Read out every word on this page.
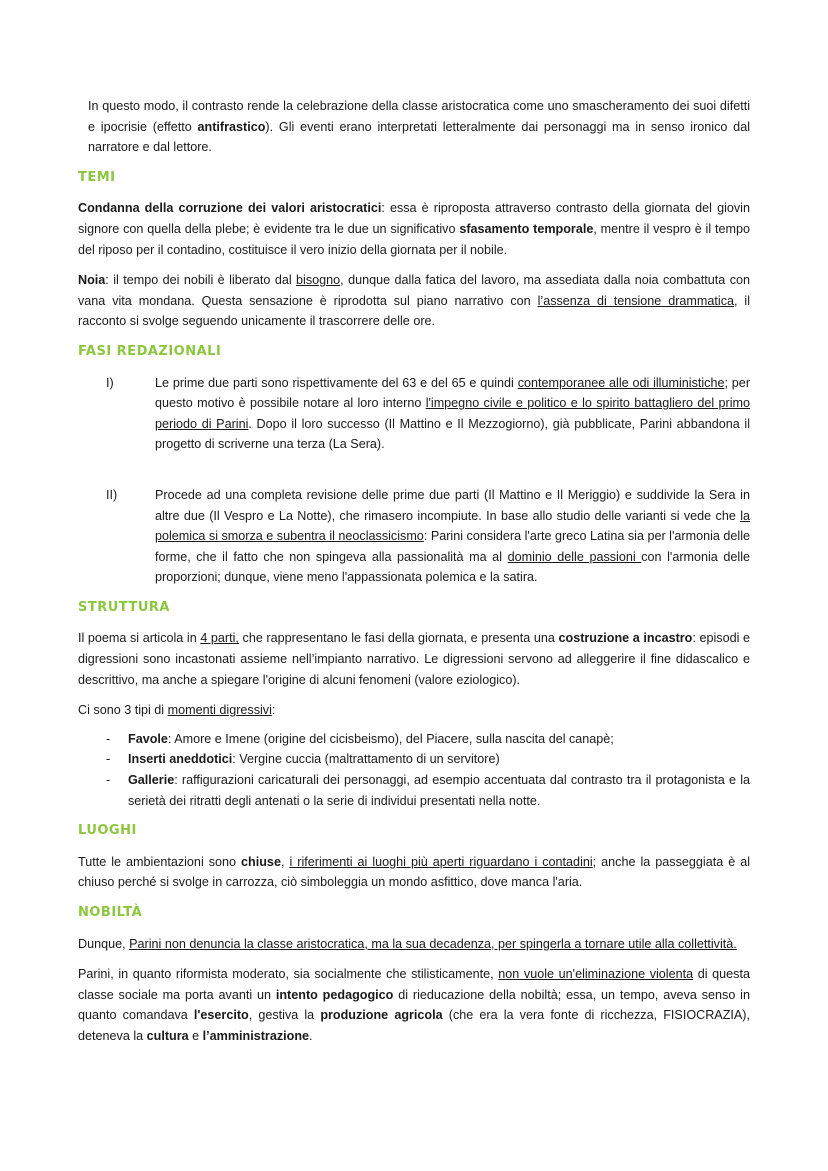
In questo modo, il contrasto rende la celebrazione della classe aristocratica come uno smascheramento dei suoi difetti e ipocrisie (effetto antifrastico). Gli eventi erano interpretati letteralmente dai personaggi ma in senso ironico dal narratore e dal lettore.

TEMI

Condanna della corruzione dei valori aristocratici: essa è riproposta attraverso contrasto della giornata del giovin signore con quella della plebe; è evidente tra le due un significativo sfasamento temporale, mentre il vespro è il tempo del riposo per il contadino, costituisce il vero inizio della giornata per il nobile.

Noia: il tempo dei nobili è liberato dal bisogno, dunque dalla fatica del lavoro, ma assediata dalla noia combattuta con vana vita mondana. Questa sensazione è riprodotta sul piano narrativo con l’assenza di tensione drammatica, il racconto si svolge seguendo unicamente il trascorrere delle ore.

FASI REDAZIONALI
I)	Le prime due parti sono rispettivamente del 63 e del 65 e quindi contemporanee alle odi illuministiche; per questo motivo è possibile notare al loro interno l'impegno civile e politico e lo spirito battagliero del primo periodo di Parini. Dopo il loro successo (Il Mattino e Il Mezzogiorno), già pubblicate, Parini abbandona il progetto di scriverne una terza (La Sera).
II)	Procede ad una completa revisione delle prime due parti (Il Mattino e Il Meriggio) e suddivide la Sera in altre due (Il Vespro e La Notte), che rimasero incompiute. In base allo studio delle varianti si vede che la polemica si smorza e subentra il neoclassicismo: Parini considera l'arte greco Latina sia per l'armonia delle forme, che il fatto che non spingeva alla passionalità ma al dominio delle passioni con l'armonia delle proporzioni; dunque, viene meno l'appassionata polemica e la satira.
STRUTTURA

Il poema si articola in 4 parti, che rappresentano le fasi della giornata, e presenta una costruzione a incastro: episodi e digressioni sono incastonati assieme nell’impianto narrativo. Le digressioni servono ad alleggerire il fine didascalico e descrittivo, ma anche a spiegare l'origine di alcuni fenomeni (valore eziologico).

Ci sono 3 tipi di momenti digressivi:

-	Favole: Amore e Imene (origine del cicisbeismo), del Piacere, sulla nascita del canapè;
-	Inserti aneddotici: Vergine cuccia (maltrattamento di un servitore)
-	Gallerie: raffigurazioni caricaturali dei personaggi, ad esempio accentuata dal contrasto tra il protagonista e la serietà dei ritratti degli antenati o la serie di individui presentati nella notte.
LUOGHI

Tutte le ambientazioni sono chiuse, i riferimenti ai luoghi più aperti riguardano i contadini; anche la passeggiata è al chiuso perché si svolge in carrozza, ciò simboleggia un mondo asfittico, dove manca l'aria.

NOBILTÀ

Dunque, Parini non denuncia la classe aristocratica, ma la sua decadenza, per spingerla a tornare utile alla collettività.

Parini, in quanto riformista moderato, sia socialmente che stilisticamente, non vuole un'eliminazione violenta di questa classe sociale ma porta avanti un intento pedagogico di rieducazione della nobiltà; essa, un tempo, aveva senso in quanto comandava l'esercito, gestiva la produzione agricola (che era la vera fonte di ricchezza, FISIOCRAZIA), deteneva la cultura e l’amministrazione.
